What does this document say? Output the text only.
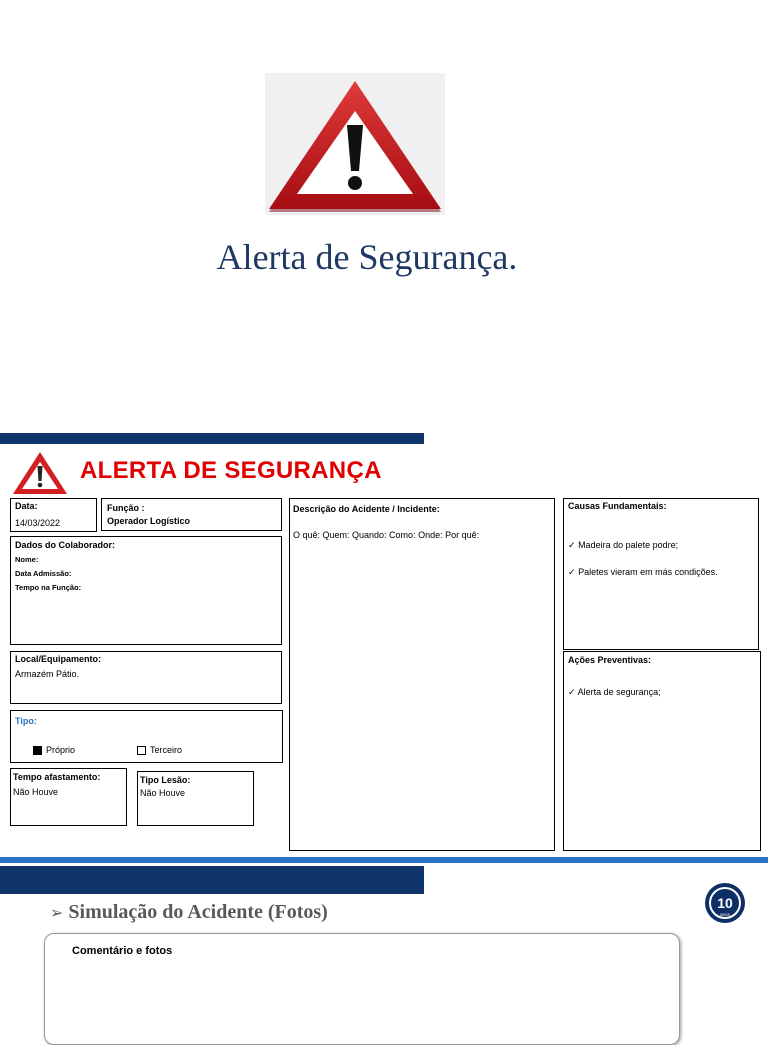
Alerta de Segurança.
ALERTA DE SEGURANÇA
Data:
14/03/2022
Função :
Operador Logístico
Dados do Colaborador:
Nome:
Data Admissão:
Tempo na Função:
Local/Equipamento:
Armazém Pátio.
Tipo:
Próprio	Terceiro
Tempo afastamento:
Não Houve
Tipo Lesão:
Não Houve
Descrição do Acidente / Incidente:
O quê: Quem: Quando: Como: Onde: Por quê:
Causas Fundamentais:
✓ Madeira do palete podre;
✓ Paletes vieram em más condições.
Ações Preventivas:
✓ Alerta de segurança;
➢ Simulação do Acidente (Fotos)	10
anos
Comentário e fotos
